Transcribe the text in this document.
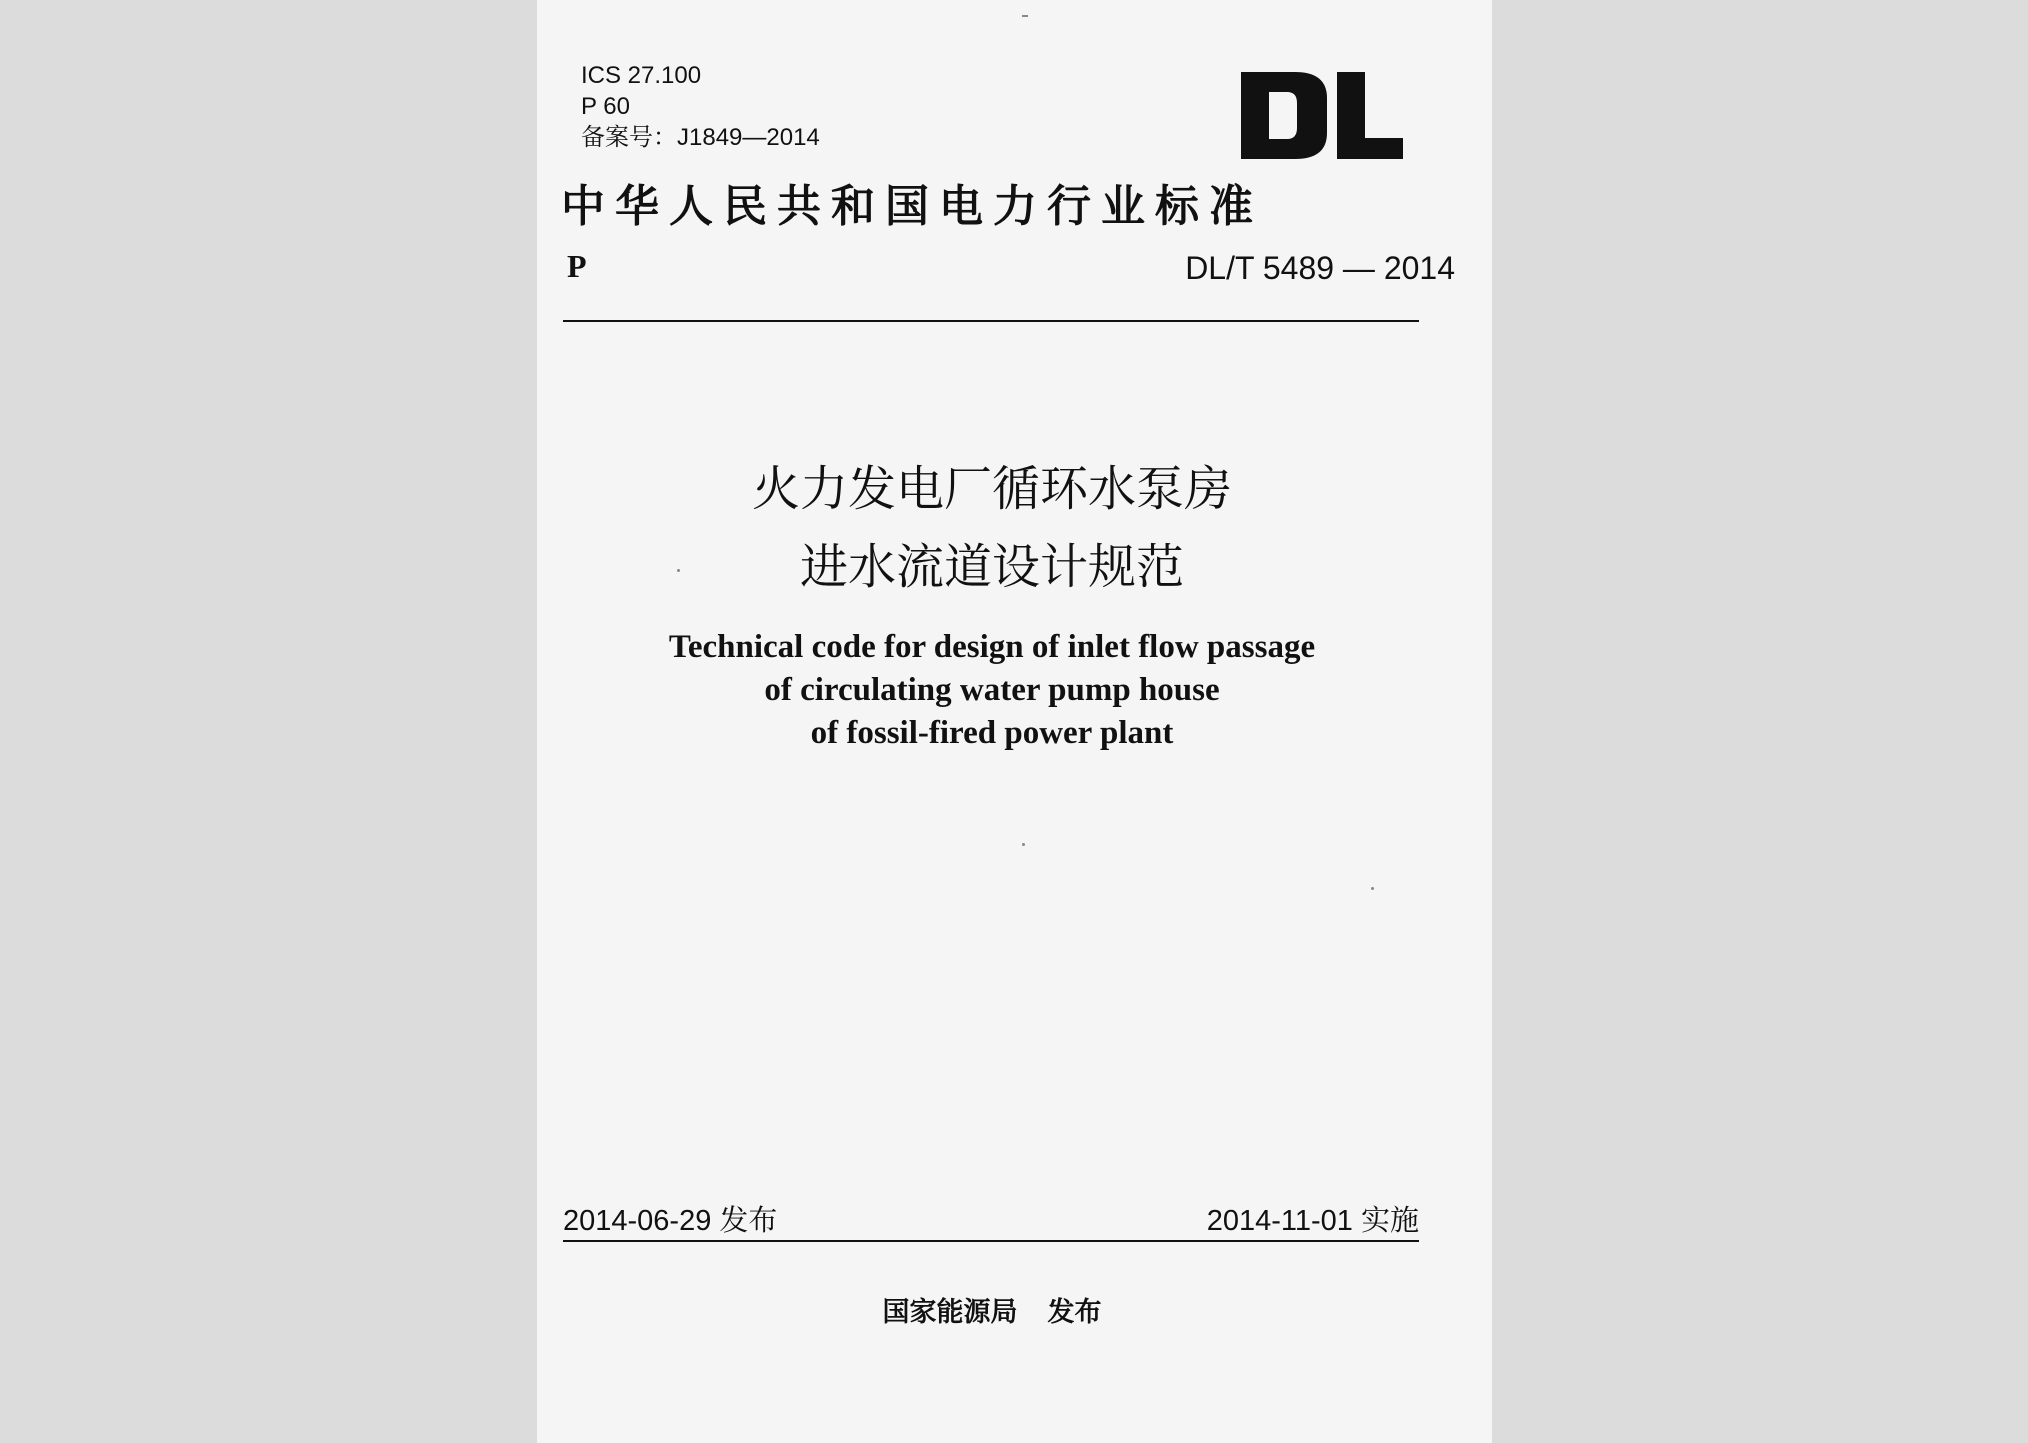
ICS 27.100
P 60
备案号：J1849—2014
中华人民共和国电力行业标准
P	DL/T 5489 — 2014
火力发电厂循环水泵房
进水流道设计规范
Technical code for design of inlet flow passage
of circulating water pump house
of fossil-fired power plant
2014-06-29 发布	2014-11-01 实施
国家能源局 发布
